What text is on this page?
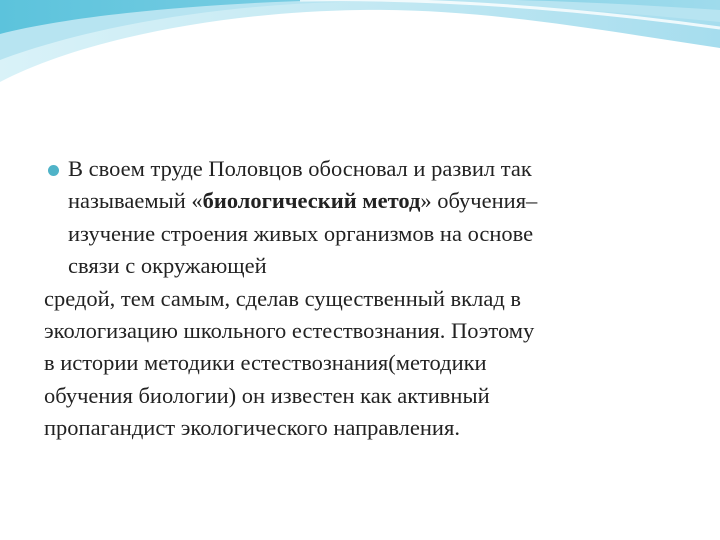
В своем труде Половцов обосновал и развил так
называемый «биологический метод» обучения–
изучение строения живых организмов на основе
связи с окружающей
средой, тем самым, сделав существенный вклад в
экологизацию школьного естествознания. Поэтому
в истории методики естествознания(методики
обучения биологии) он известен как активный
пропагандист экологического направления.
